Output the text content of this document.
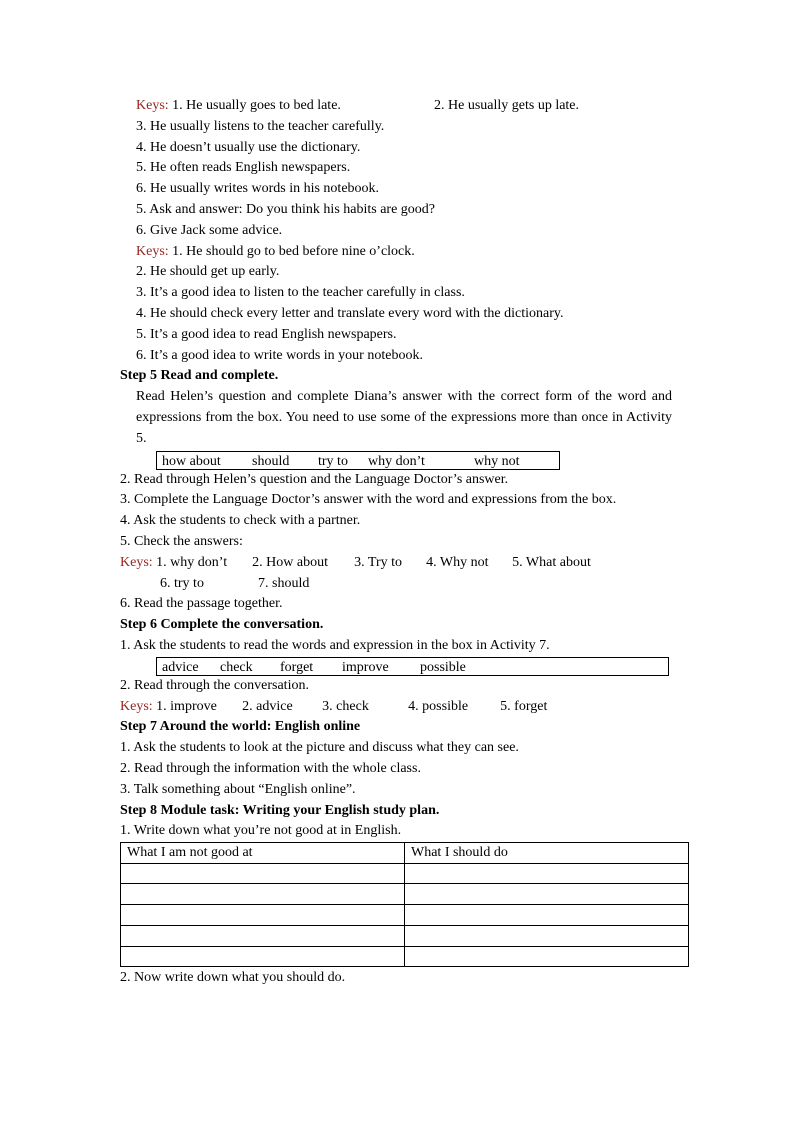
Keys: 1. He usually goes to bed late.	2. He usually gets up late.
3. He usually listens to the teacher carefully.
4. He doesn’t usually use the dictionary.
5. He often reads English newspapers.
6. He usually writes words in his notebook.
5. Ask and answer: Do you think his habits are good?
6. Give Jack some advice.
Keys: 1. He should go to bed before nine o’clock.
2. He should get up early.
3. It’s a good idea to listen to the teacher carefully in class.
4. He should check every letter and translate every word with the dictionary.
5. It’s a good idea to read English newspapers.
6. It’s a good idea to write words in your notebook.
Step 5 Read and complete.
Read Helen’s question and complete Diana’s answer with the correct form of the word and expressions from the box. You need to use some of the expressions more than once in Activity 5.
how about should try to why don’t	why not
2. Read through Helen’s question and the Language Doctor’s answer.
3. Complete the Language Doctor’s answer with the word and expressions from the box.
4. Ask the students to check with a partner.
5. Check the answers:
Keys: 1. why don’t 2. How about 3. Try to 4. Why not 5. What about
6. try to	7. should
6. Read the passage together.
Step 6 Complete the conversation.
1. Ask the students to read the words and expression in the box in Activity 7.
advice check forget improve possible
2. Read through the conversation.
Keys: 1. improve 2. advice 3. check	4. possible 5. forget
Step 7 Around the world: English online
1. Ask the students to look at the picture and discuss what they can see.
2. Read through the information with the whole class.
3. Talk something about “English online”.
Step 8 Module task: Writing your English study plan.
1. Write down what you’re not good at in English.
What I am not good at	What I should do

2. Now write down what you should do.
